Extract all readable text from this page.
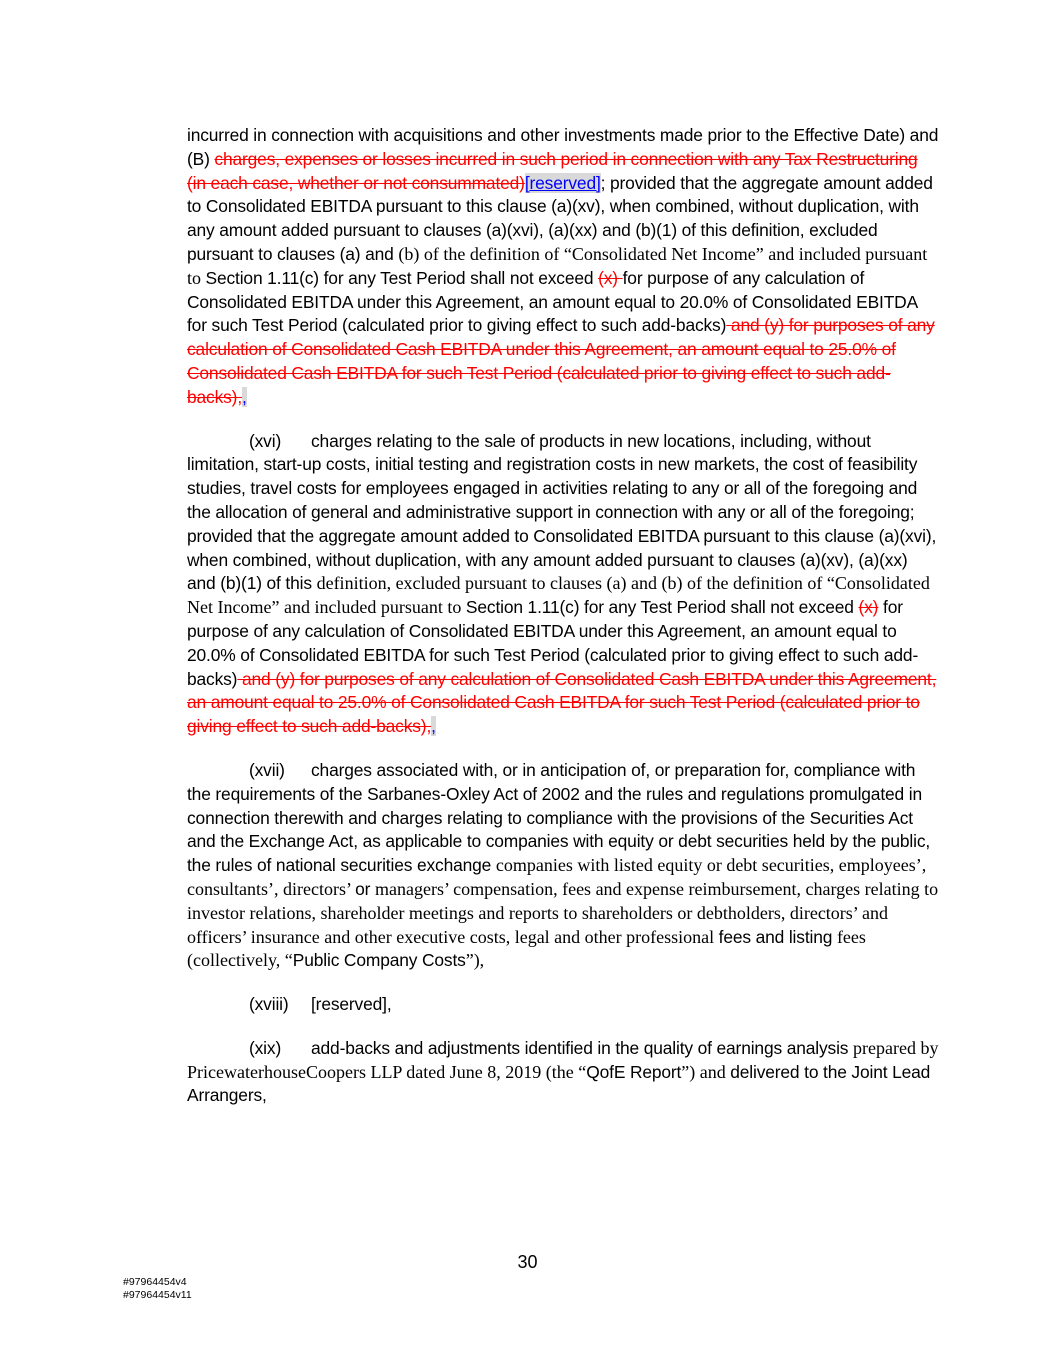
incurred in connection with acquisitions and other investments made prior to the Effective Date) and (B) charges, expenses or losses incurred in such period in connection with any Tax Restructuring (in each case, whether or not consummated)[reserved]; provided that the aggregate amount added to Consolidated EBITDA pursuant to this clause (a)(xv), when combined, without duplication, with any amount added pursuant to clauses (a)(xvi), (a)(xx) and (b)(1) of this definition, excluded pursuant to clauses (a) and (b) of the definition of “Consolidated Net Income” and included pursuant to Section 1.11(c) for any Test Period shall not exceed (x) for purpose of any calculation of Consolidated EBITDA under this Agreement, an amount equal to 20.0% of Consolidated EBITDA for such Test Period (calculated prior to giving effect to such add-backs) and (y) for purposes of any calculation of Consolidated Cash EBITDA under this Agreement, an amount equal to 25.0% of Consolidated Cash EBITDA for such Test Period (calculated prior to giving effect to such add-backs),,

(xvi) charges relating to the sale of products in new locations, including, without limitation, start-up costs, initial testing and registration costs in new markets, the cost of feasibility studies, travel costs for employees engaged in activities relating to any or all of the foregoing and the allocation of general and administrative support in connection with any or all of the foregoing; provided that the aggregate amount added to Consolidated EBITDA pursuant to this clause (a)(xvi), when combined, without duplication, with any amount added pursuant to clauses (a)(xv), (a)(xx) and (b)(1) of this definition, excluded pursuant to clauses (a) and (b) of the definition of “Consolidated Net Income” and included pursuant to Section 1.11(c) for any Test Period shall not exceed (x) for purpose of any calculation of Consolidated EBITDA under this Agreement, an amount equal to 20.0% of Consolidated EBITDA for such Test Period (calculated prior to giving effect to such add-backs) and (y) for purposes of any calculation of Consolidated Cash EBITDA under this Agreement, an amount equal to 25.0% of Consolidated Cash EBITDA for such Test Period (calculated prior to giving effect to such add-backs),,

(xvii) charges associated with, or in anticipation of, or preparation for, compliance with the requirements of the Sarbanes-Oxley Act of 2002 and the rules and regulations promulgated in connection therewith and charges relating to compliance with the provisions of the Securities Act and the Exchange Act, as applicable to companies with equity or debt securities held by the public, the rules of national securities exchange companies with listed equity or debt securities, employees’, consultants’, directors’ or managers’ compensation, fees and expense reimbursement, charges relating to investor relations, shareholder meetings and reports to shareholders or debtholders, directors’ and officers’ insurance and other executive costs, legal and other professional fees and listing fees (collectively, “Public Company Costs”),

(xviii) [reserved],

(xix) add-backs and adjustments identified in the quality of earnings analysis prepared by PricewaterhouseCoopers LLP dated June 8, 2019 (the “QofE Report”) and delivered to the Joint Lead Arrangers,

30
#97964454v4
#97964454v11
